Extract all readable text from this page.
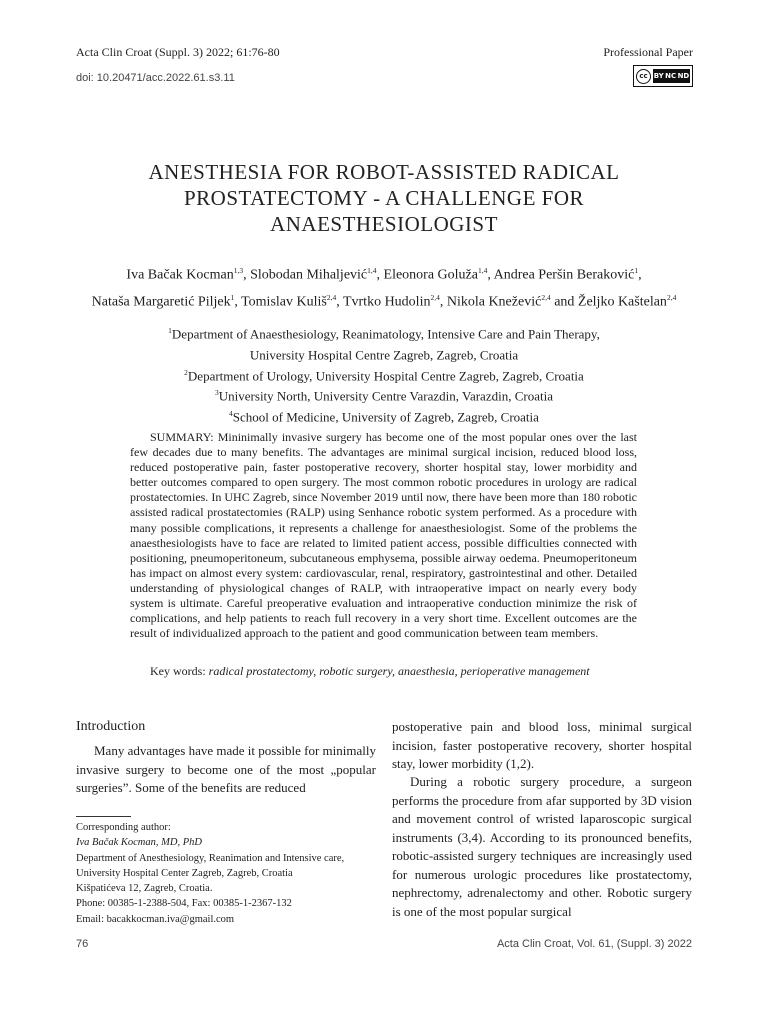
Acta Clin Croat (Suppl. 3) 2022; 61:76-80
doi: 10.20471/acc.2022.61.s3.11
Professional Paper
cc BY NC ND
ANESTHESIA FOR ROBOT-ASSISTED RADICAL
PROSTATECTOMY - A CHALLENGE FOR
ANAESTHESIOLOGIST
Iva Bačak Kocman$^{1,3}$, Slobodan Mihaljević$^{1,4}$, Eleonora Goluža$^{1,4}$, Andrea Peršin Beraković$^1$,
Nataša Margaretić Piljek$^1$, Tomislav Kuliš$^{2,4}$, Tvrtko Hudolin$^{2,4}$, Nikola Knežević$^{2,4}$ and Željko Kaštelan$^{2,4}$
$^1$Department of Anaesthesiology, Reanimatology, Intensive Care and Pain Therapy,
University Hospital Centre Zagreb, Zagreb, Croatia
$^2$Department of Urology, University Hospital Centre Zagreb, Zagreb, Croatia
$^3$University North, University Centre Varazdin, Varazdin, Croatia
$^4$School of Medicine, University of Zagreb, Zagreb, Croatia
SUMMARY: Mininimally invasive surgery has become one of the most popular ones over the last few decades due to many benefits. The advantages are minimal surgical incision, reduced blood loss, reduced postoperative pain, faster postoperative recovery, shorter hospital stay, lower morbidity and better outcomes compared to open surgery. The most common robotic procedures in urology are radical prostatectomies. In UHC Zagreb, since November 2019 until now, there have been more than 180 robotic assisted radical prostatectomies (RALP) using Senhance robotic system performed. As a procedure with many possible complications, it represents a challenge for anaesthesiologist. Some of the problems the anaesthesiologists have to face are related to limited patient access, possible difficulties connected with positioning, pneumoperitoneum, subcutaneous emphysema, possible airway oedema. Pneumoperitoneum has impact on almost every system: cardiovascular, renal, respiratory, gastrointestinal and other. Detailed understanding of physiological changes of RALP, with intraoperative impact on nearly every body system is ultimate. Careful preoperative evaluation and intraoperative conduction minimize the risk of complications, and help patients to reach full recovery in a very short time. Excellent outcomes are the result of individualized approach to the patient and good communication between team members.
Key words: radical prostatectomy, robotic surgery, anaesthesia, perioperative management
Introduction
Many advantages have made it possible for minimally invasive surgery to become one of the most „popular surgeries”. Some of the benefits are reduced
Corresponding author:
Iva Bačak Kocman, MD, PhD
Department of Anesthesiology, Reanimation and Intensive care,
University Hospital Center Zagreb, Zagreb, Croatia
Kišpatićeva 12, Zagreb, Croatia.
Phone: 00385-1-2388-504, Fax: 00385-1-2367-132
Email: bacakkocman.iva@gmail.com
postoperative pain and blood loss, minimal surgical incision, faster postoperative recovery, shorter hospital stay, lower morbidity (1,2).
During a robotic surgery procedure, a surgeon performs the procedure from afar supported by 3D vision and movement control of wristed laparoscopic surgical instruments (3,4). According to its pronounced benefits, robotic-assisted surgery techniques are increasingly used for numerous urologic procedures like prostatectomy, nephrectomy, adrenalectomy and other. Robotic surgery is one of the most popular surgical
76	Acta Clin Croat, Vol. 61, (Suppl. 3) 2022
